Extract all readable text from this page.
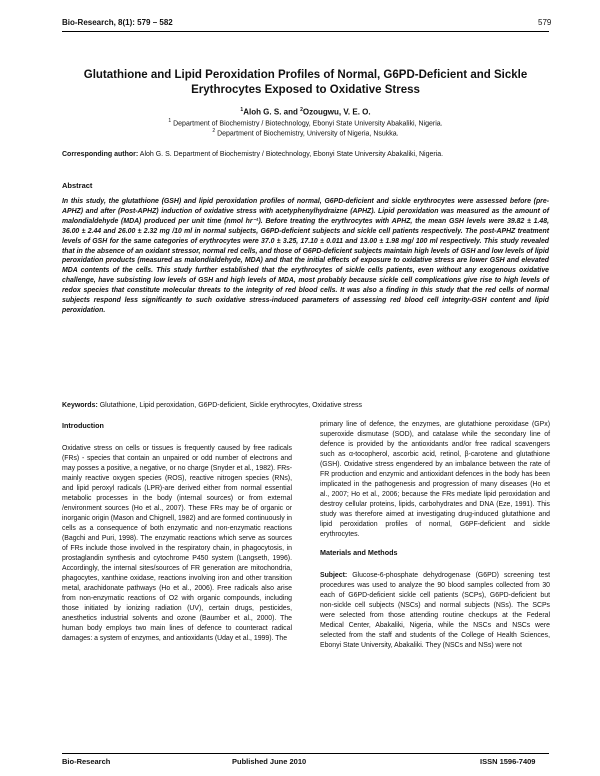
Bio-Research, 8(1): 579 – 582	579
Glutathione and Lipid Peroxidation Profiles of Normal, G6PD-Deficient and Sickle Erythrocytes Exposed to Oxidative Stress
$^1$Aloh G. S. and $^2$Ozougwu, V. E. O.
$^1$ Department of Biochemistry / Biotechnology, Ebonyi State University Abakaliki, Nigeria.
$^2$ Department of Biochemistry, University of Nigeria, Nsukka.
Corresponding author: Aloh G. S. Department of Biochemistry / Biotechnology, Ebonyi State University Abakaliki, Nigeria.
Abstract
In this study, the glutathione (GSH) and lipid peroxidation profiles of normal, G6PD-deficient and sickle erythrocytes were assessed before (pre-APHZ) and after (Post-APHZ) induction of oxidative stress with acetyphenylhydraizne (APHZ). Lipid peroxidation was measured as the amount of malondialdehyde (MDA) produced per unit time (nmol hr⁻¹). Before treating the erythrocytes with APHZ, the mean GSH levels were 39.82 ± 1.48, 36.00 ± 2.44 and 26.00 ± 2.32 mg /10 ml in normal subjects, G6PD-deficient subjects and sickle cell patients respectively. The post-APHZ treatment levels of GSH for the same categories of erythrocytes were 37.0 ± 3.25, 17.10 ± 0.011 and 13.00 ± 1.98 mg/ 100 ml respectively. This study revealed that in the absence of an oxidant stressor, normal red cells, and those of G6PD-deficient subjects maintain high levels of GSH and low levels of lipid peroxidation products (measured as malondialdehyde, MDA) and that the initial effects of exposure to oxidative stress are lower GSH and elevated MDA contents of the cells. This study further established that the erythrocytes of sickle cells patients, even without any exogenous oxidative challenge, have subsisting low levels of GSH and high levels of MDA, most probably because sickle cell complications give rise to high levels of redox species that constitute molecular threats to the integrity of red blood cells. It was also a finding in this study that the red cells of normal subjects respond less significantly to such oxidative stress-induced parameters of assessing red blood cell integrity-GSH content and lipid peroxidation.
Keywords: Glutathione, Lipid peroxidation, G6PD-deficient, Sickle erythrocytes, Oxidative stress
Introduction

Oxidative stress on cells or tissues is frequently caused by free radicals (FRs) - species that contain an unpaired or odd number of electrons and may posses a positive, a negative, or no charge (Snyder et al., 1982). FRs-mainly reactive oxygen species (ROS), reactive nitrogen species (RNs), and lipid peroxyl radicals (LPR)-are derived either from normal essential metabolic processes in the body (internal sources) or from external /environment sources (Ho et al., 2007). These FRs may be of organic or inorganic origin (Mason and Chignell, 1982) and are formed continuously in cells as a consequence of both enzymatic and non-enzymatic reactions (Bagchi and Puri, 1998). The enzymatic reactions which serve as sources of FRs include those involved in the respiratory chain, in phagocytosis, in prostaglandin synthesis and cytochrome P450 system (Langseth, 1996). Accordingly, the internal sites/sources of FR generation are mitochondria, phagocytes, xanthine oxidase, reactions involving iron and other transition metal, arachidonate pathways (Ho et al., 2006). Free radicals also arise from non-enzymatic reactions of O2 with organic compounds, including those initiated by ionizing radiation (UV), certain drugs, pesticides, anesthetics industrial solvents and ozone (Baumber et al., 2000). The human body employs two main lines of defence to counteract radical damages: a system of enzymes, and antioxidants (Uday et al., 1999). The

primary line of defence, the enzymes, are glutathione peroxidase (GPx) superoxide dismutase (SOD), and catalase while the secondary line of defence is provided by the antioxidants and/or free radical scavengers such as α-tocopherol, ascorbic acid, retinol, β-carotene and glutathione (GSH). Oxidative stress engendered by an imbalance between the rate of FR production and enzymic and antioxidant defences in the body has been implicated in the pathogenesis and progression of many diseases (Ho et al., 2007; Ho et al., 2006; because the FRs mediate lipid peroxidation and destroy cellular proteins, lipids, carbohydrates and DNA (Eze, 1991). This study was therefore aimed at investigating drug-induced glutathione and lipid peroxidation profiles of normal, G6PF-deficient and sickle erythrocytes.

Materials and Methods

Subject: Glucose-6-phosphate dehydrogenase (G6PD) screening test procedures was used to analyze the 90 blood samples collected from 30 each of G6PD-deficient sickle cell patients (SCPs), G6PD-deficient but non-sickle cell subjects (NSCs) and normal subjects (NSs). The SCPs were selected from those attending routine checkups at the Federal Medical Center, Abakaliki, Nigeria, while the NSCs and NSCs were selected from the staff and students of the College of Health Sciences, Ebonyi State University, Abakaliki. They (NSCs and NSs) were not

Bio-Research	Published June 2010	ISSN 1596-7409
